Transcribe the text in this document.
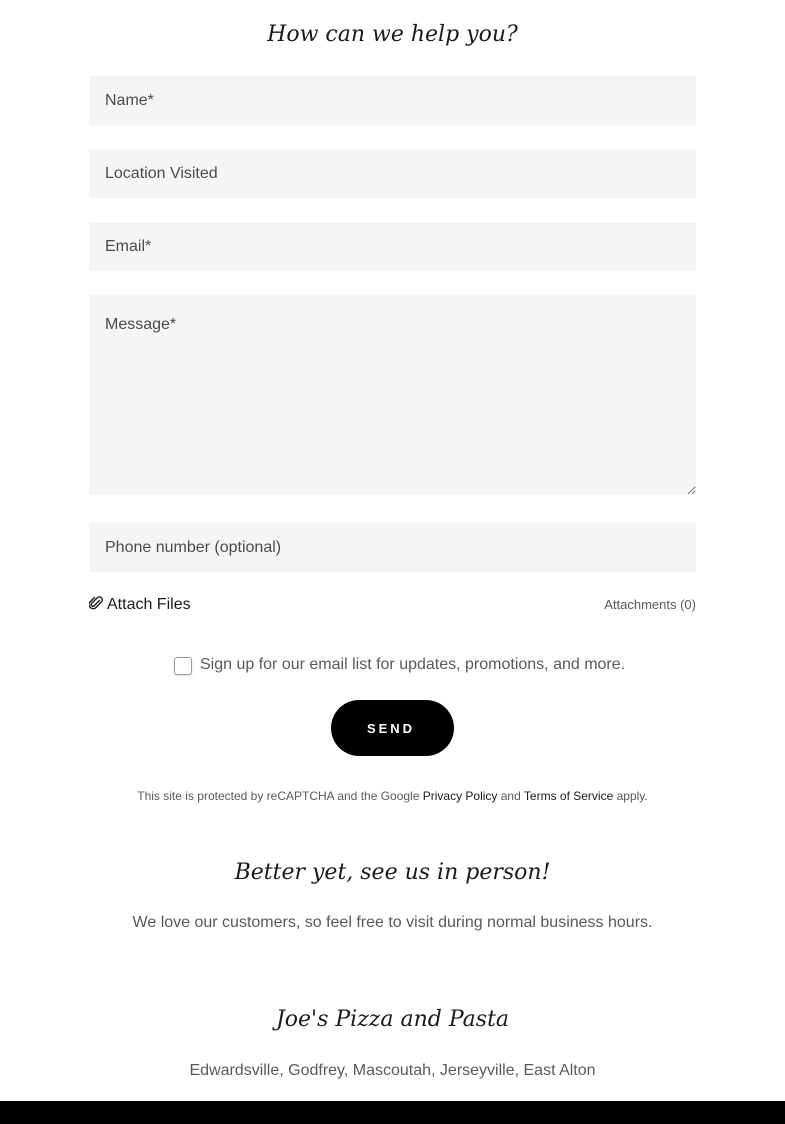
How can we help you?
Name*
Location Visited
Email*
Message*
Phone number (optional)
Attach Files	Attachments (0)
Sign up for our email list for updates, promotions, and more.
SEND
This site is protected by reCAPTCHA and the Google Privacy Policy and Terms of Service apply.
Better yet, see us in person!
We love our customers, so feel free to visit during normal business hours.
Joe's Pizza and Pasta
Edwardsville, Godfrey, Mascoutah, Jerseyville, East Alton
